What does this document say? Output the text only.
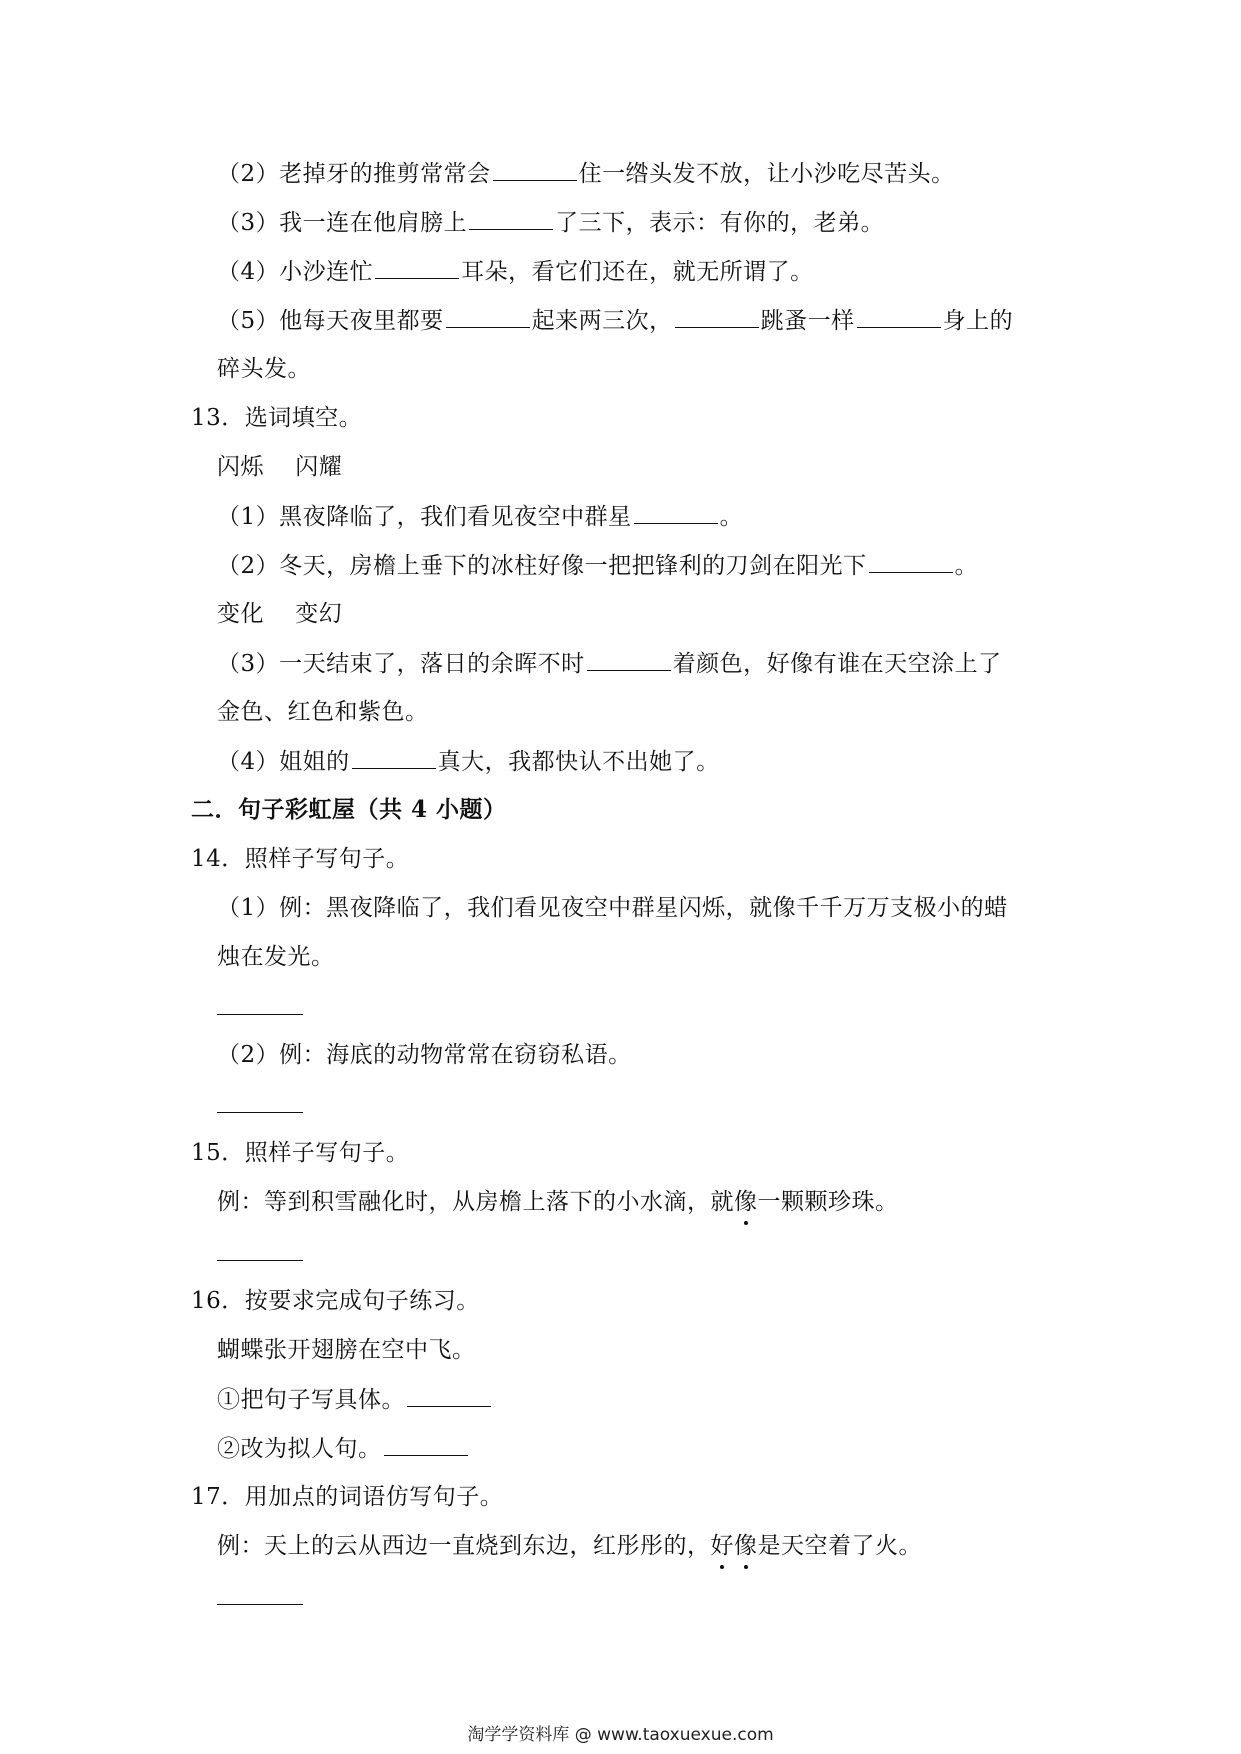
（2）老掉牙的推剪常常会	住一绺头发不放，让小沙吃尽苦头。
（3）我一连在他肩膀上	了三下，表示：有你的，老弟。
（4）小沙连忙	耳朵，看它们还在，就无所谓了。
（5）他每天夜里都要	起来两三次，	跳蚤一样	身上的
碎头发。
13．选词填空。
闪烁　 闪耀
（1）黑夜降临了，我们看见夜空中群星	。
（2）冬天，房檐上垂下的冰柱好像一把把锋利的刀剑在阳光下	。
变化　 变幻
（3）一天结束了，落日的余晖不时	着颜色，好像有谁在天空涂上了
金色、红色和紫色。
（4）姐姐的	真大，我都快认不出她了。
二．句子彩虹屋（共 4 小题）
14．照样子写句子。
（1）例：黑夜降临了，我们看见夜空中群星闪烁，就像千千万万支极小的蜡
烛在发光。
（2）例：海底的动物常常在窃窃私语。
15．照样子写句子。
例：等到积雪融化时，从房檐上落下的小水滴，就像一颗颗珍珠。
16．按要求完成句子练习。
蝴蝶张开翅膀在空中飞。
①把句子写具体。
②改为拟人句。
17．用加点的词语仿写句子。
例：天上的云从西边一直烧到东边，红彤彤的，好像是天空着了火。
淘学学资料库 @ www.taoxuexue.com
